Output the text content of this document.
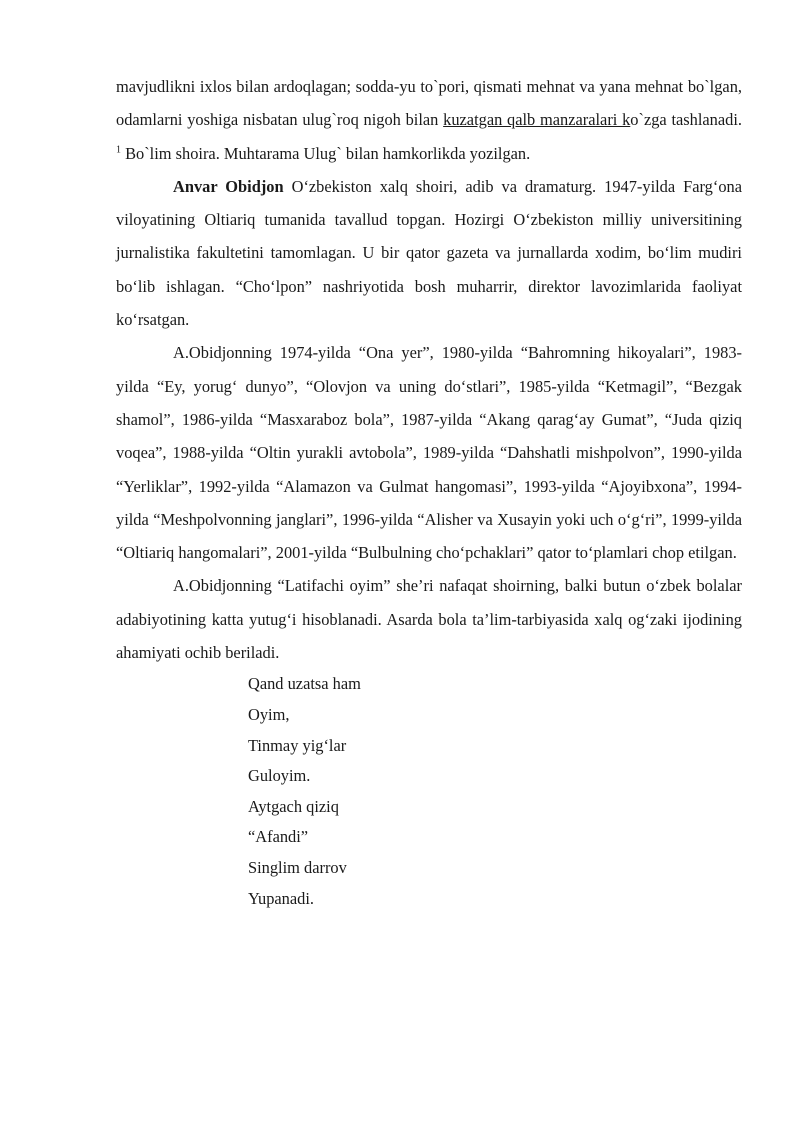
mavjudlikni ixlos bilan ardoqlagan; sodda-yu to`pori, qismati mehnat va yana mehnat bo`lgan, odamlarni yoshiga nisbatan ulug`roq nigoh bilan kuzatgan qalb manzaralari ko`zga tashlanadi. $^1$ Bo`lim shoira. Muhtarama Ulug` bilan hamkorlikda yozilgan.

Anvar Obidjon O‘zbekiston xalq shoiri, adib va dramaturg. 1947-yilda Farg‘ona viloyatining Oltiariq tumanida tavallud topgan. Hozirgi O‘zbekiston milliy universitining jurnalistika fakultetini tamomlagan. U bir qator gazeta va jurnallarda xodim, bo‘lim mudiri bo‘lib ishlagan. “Cho‘lpon” nashriyotida bosh muharrir, direktor lavozimlarida faoliyat ko‘rsatgan.

A.Obidjonning 1974-yilda “Ona yer”, 1980-yilda “Bahromning hikoyalari”, 1983-yilda “Ey, yorug‘ dunyo”, “Olovjon va uning do‘stlari”, 1985-yilda “Ketmagil”, “Bezgak shamol”, 1986-yilda “Masxaraboz bola”, 1987-yilda “Akang qarag‘ay Gumat”, “Juda qiziq voqea”, 1988-yilda “Oltin yurakli avtobola”, 1989-yilda “Dahshatli mishpolvon”, 1990-yilda “Yerliklar”, 1992-yilda “Alamazon va Gulmat hangomasi”, 1993-yilda “Ajoyibxona”, 1994-yilda “Meshpolvonning janglari”, 1996-yilda “Alisher va Xusayin yoki uch o‘g‘ri”, 1999-yilda “Oltiariq hangomalari”, 2001-yilda “Bulbulning cho‘pchaklari” qator to‘plamlari chop etilgan.

A.Obidjonning “Latifachi oyim” she’ri nafaqat shoirning, balki butun o‘zbek bolalar adabiyotining katta yutug‘i hisoblanadi. Asarda bola ta’lim-tarbiyasida xalq og‘zaki ijodining ahamiyati ochib beriladi.

Qand uzatsa ham
Oyim,
Tinmay yig‘lar
Guloyim.
Aytgach qiziq
“Afandi”
Singlim darrov
Yupanadi.
